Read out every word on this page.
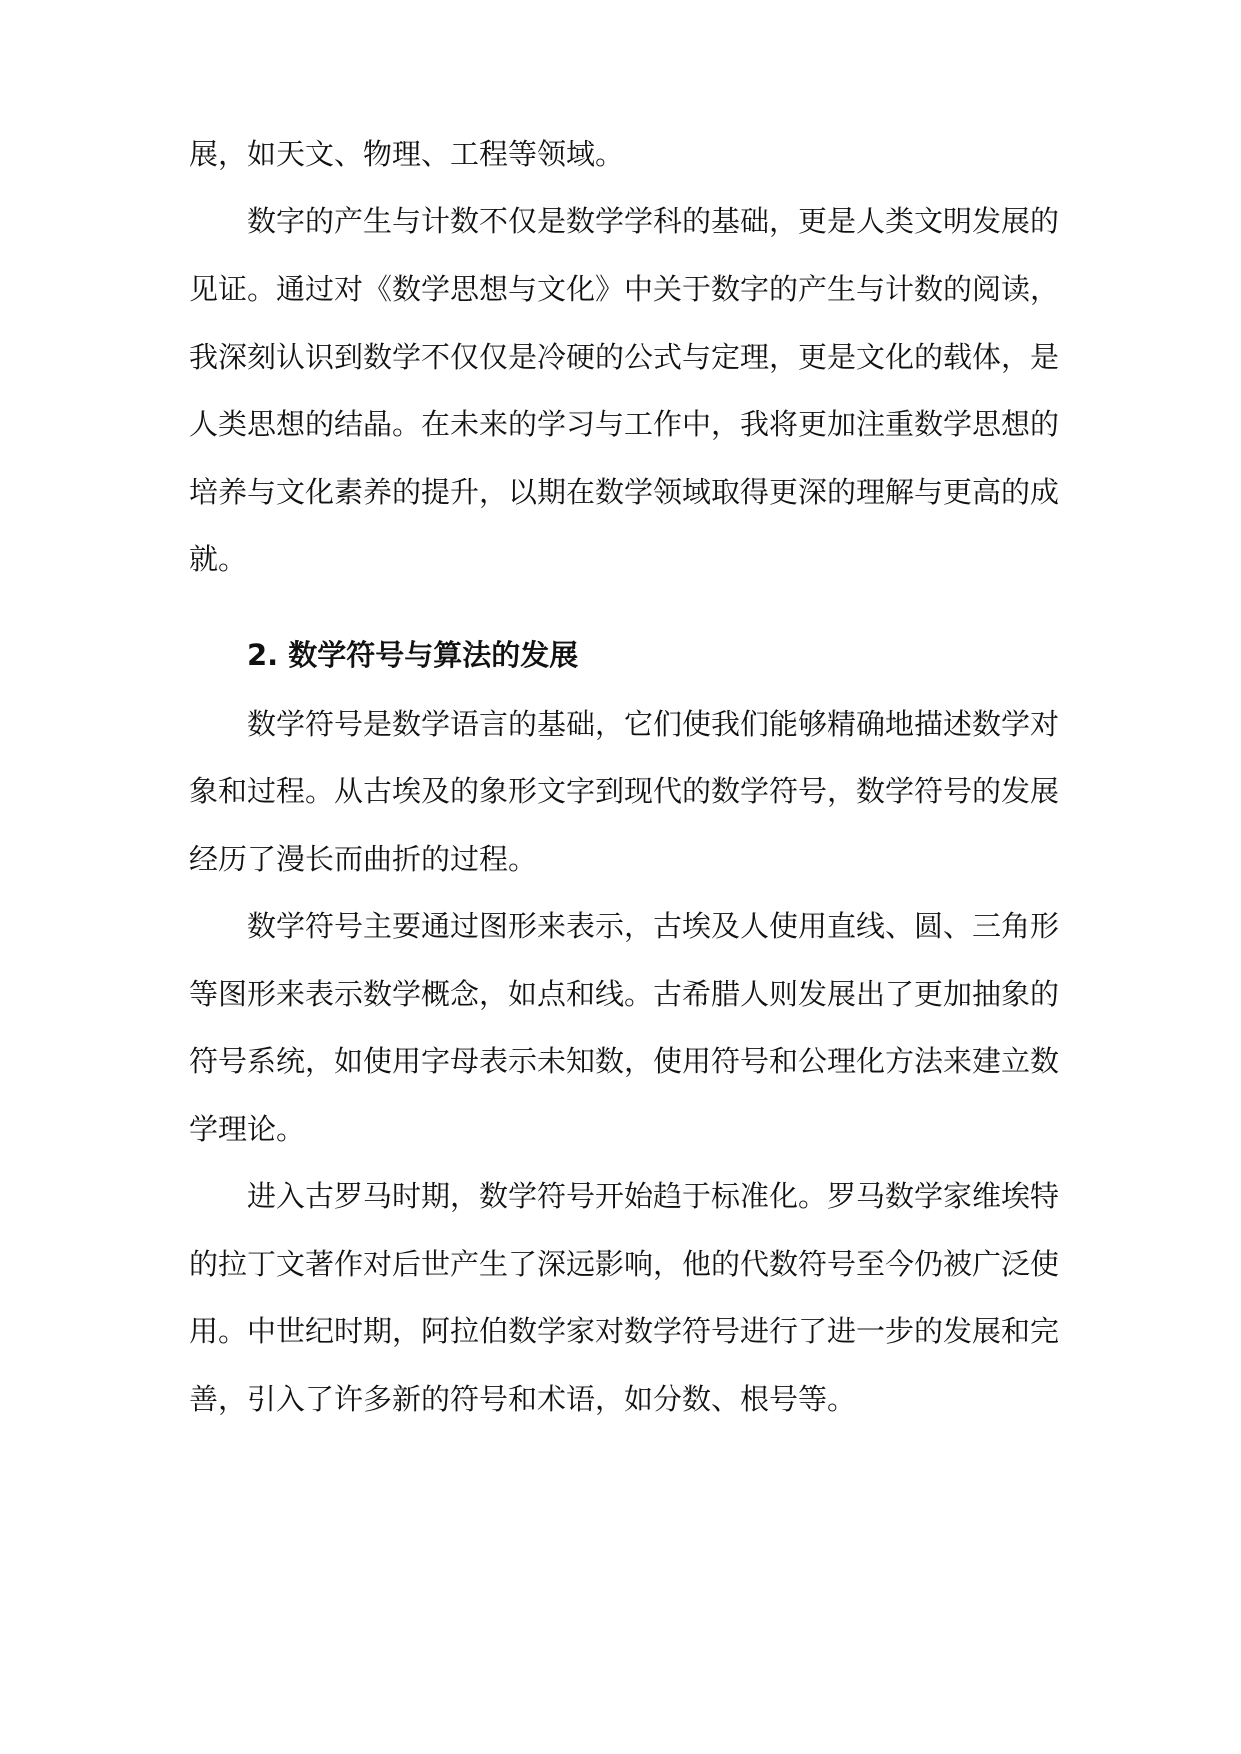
展，如天文、物理、工程等领域。
数字的产生与计数不仅是数学学科的基础，更是人类文明发展的
见证。通过对《数学思想与文化》中关于数字的产生与计数的阅读，
我深刻认识到数学不仅仅是冷硬的公式与定理，更是文化的载体，是
人类思想的结晶。在未来的学习与工作中，我将更加注重数学思想的
培养与文化素养的提升，以期在数学领域取得更深的理解与更高的成
就。
2. 数学符号与算法的发展
数学符号是数学语言的基础，它们使我们能够精确地描述数学对
象和过程。从古埃及的象形文字到现代的数学符号，数学符号的发展
经历了漫长而曲折的过程。
数学符号主要通过图形来表示，古埃及人使用直线、圆、三角形
等图形来表示数学概念，如点和线。古希腊人则发展出了更加抽象的
符号系统，如使用字母表示未知数，使用符号和公理化方法来建立数
学理论。
进入古罗马时期，数学符号开始趋于标准化。罗马数学家维埃特
的拉丁文著作对后世产生了深远影响，他的代数符号至今仍被广泛使
用。中世纪时期，阿拉伯数学家对数学符号进行了进一步的发展和完
善，引入了许多新的符号和术语，如分数、根号等。
